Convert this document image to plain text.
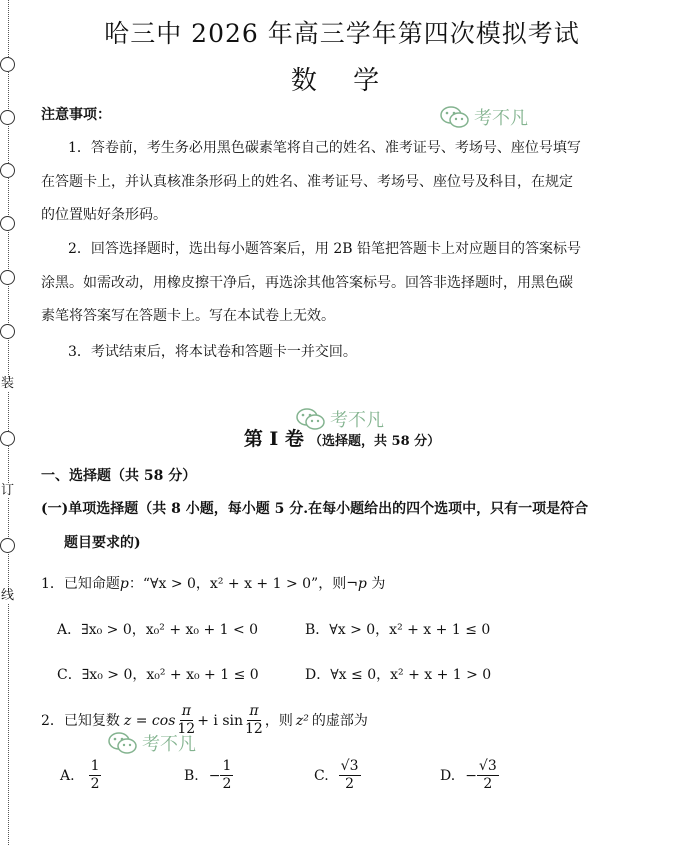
装
订
线
哈三中 2026 年高三学年第四次模拟考试
数 学
考不凡
注意事项：
1．答卷前，考生务必用黑色碳素笔将自己的姓名、准考证号、考场号、座位号填写
在答题卡上，并认真核准条形码上的姓名、准考证号、考场号、座位号及科目，在规定
的位置贴好条形码。
2．回答选择题时，选出每小题答案后，用 2B 铅笔把答题卡上对应题目的答案标号
涂黑。如需改动，用橡皮擦干净后，再选涂其他答案标号。回答非选择题时，用黑色碳
素笔将答案写在答题卡上。写在本试卷上无效。
3．考试结束后，将本试卷和答题卡一并交回。
考不凡
第 I 卷 （选择题，共 58 分）
一、选择题（共 58 分）
(一)单项选择题（共 8 小题，每小题 5 分.在每小题给出的四个选项中，只有一项是符合
题目要求的)
1．已知命题p：“∀x > 0，x² + x + 1 > 0”，则¬p 为
A．∃x₀ > 0，x₀² + x₀ + 1 < 0	B．∀x > 0，x² + x + 1 ≤ 0
C．∃x₀ > 0，x₀² + x₀ + 1 ≤ 0	D．∀x ≤ 0，x² + x + 1 > 0
2．已知复数 $z = \cos \frac{\pi}{12} + i$ $\sin \frac{\pi}{12}$ ，则 z² 的虚部为
考不凡
A. $\frac{1}{2}$	B. − $\frac{1}{2}$	C. $\frac{√3}{2}$	D. − $\frac{√3}{2}$
